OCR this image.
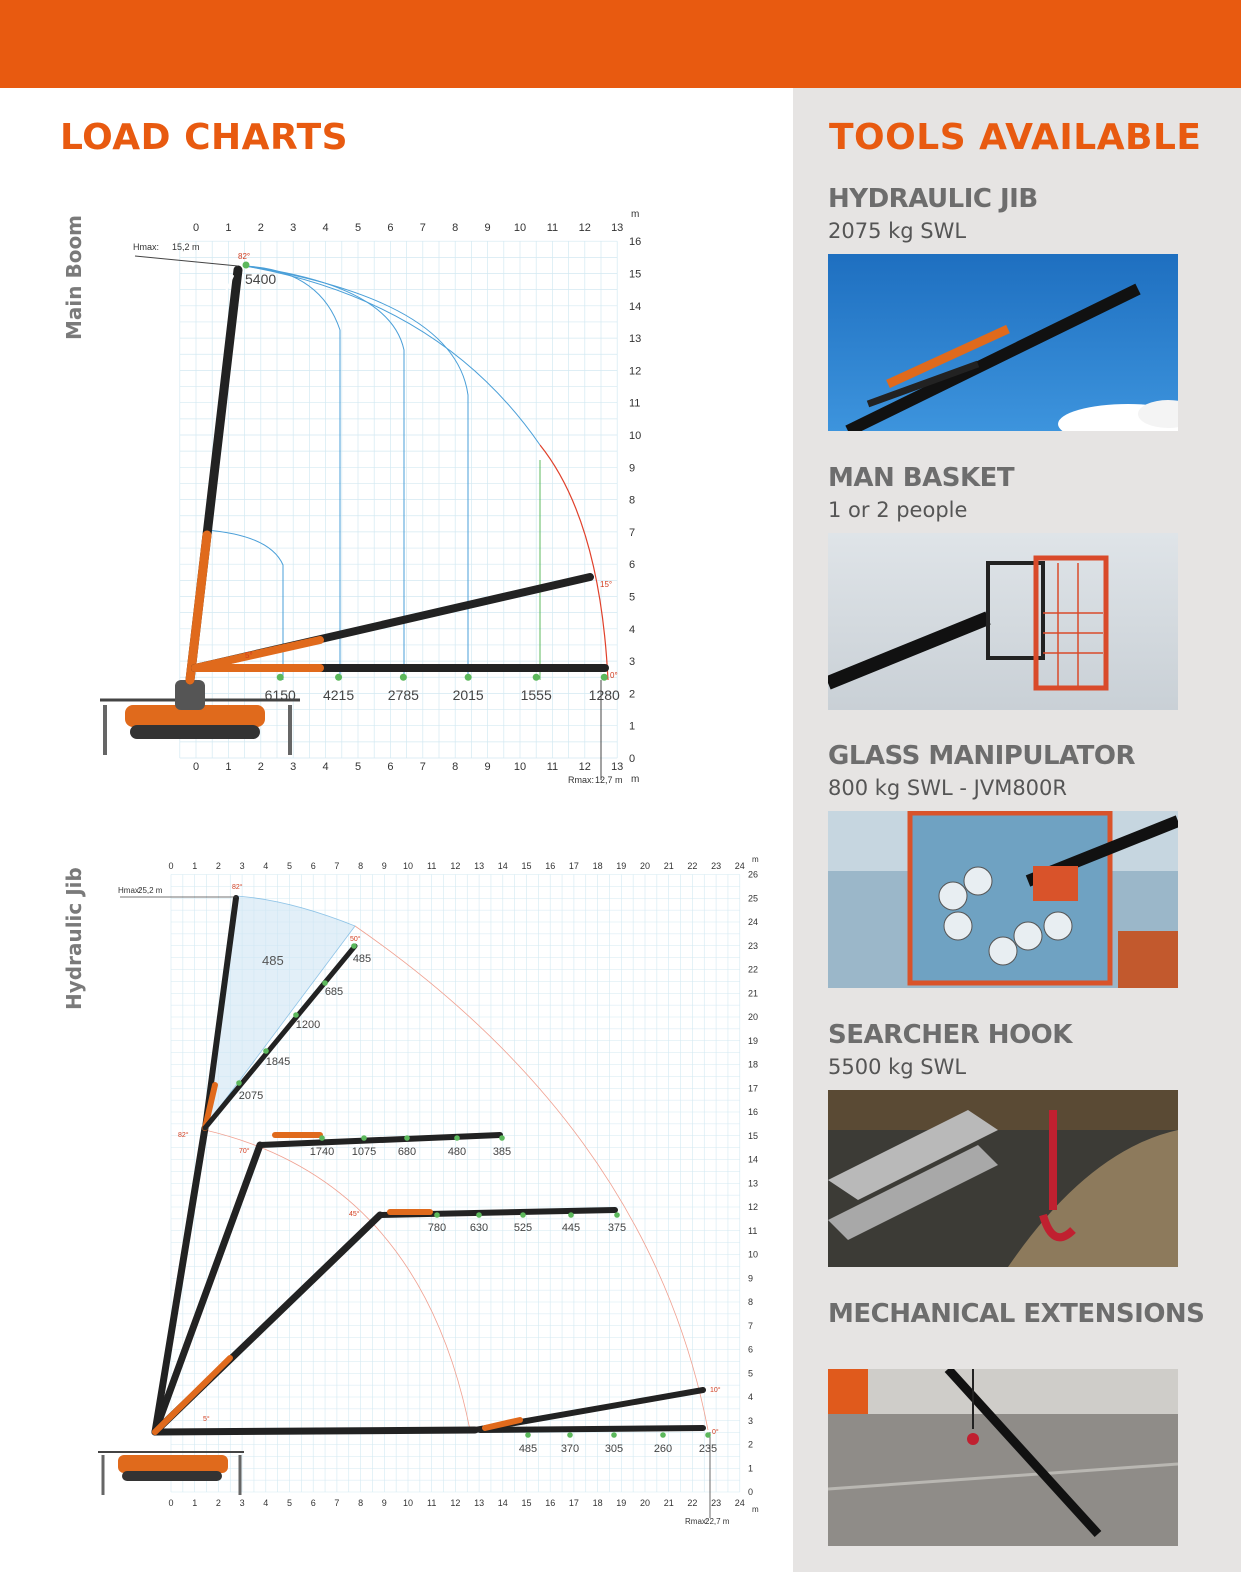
LOAD CHARTS	TOOLS AVAILABLE
Main Boom
Hydraulic Jib
0
0
1
1
2
2
3
3
4
4
5
5
6
6
7
7
8
8
9
9
10
10
11
11
12
12
13
13
0
1
2
3
4
5
6
7
8
9
10
11
12
13
14
15
16
Hmax: 15,2 m
Rmax: 12,7 m
m
m
82°
15°
5°
0°
5400
6150 4215 2785 2015	1555	1280
0
0
1
1
2
2
3
3
4
4
5
5
6
6
7
7
8
8
9
9
10
10
11
11
12
12
13
13
14
14
15
15
16
16
17
17
18
18
19
19
20
20
21
21
22
22
23
23
24
24
0
1
2
3
4
5
6
7
8
9
10
11
12
13
14
15
16
17
18
19
20
21
22
23
24
25
26
Hmax:
25,2 m
Rmax:
22,7 m
m
m
82°
50°
82°
70°
45°
5°
10°
0°
485	485
685
1200
1845
2075
1740 1075 680	480 385
780 630 525	445	375
485 370 305	260 235
HYDRAULIC JIB
2075 kg SWL
MAN BASKET
1 or 2 people
GLASS MANIPULATOR
800 kg SWL - JVM800R
SEARCHER HOOK
5500 kg SWL
MECHANICAL EXTENSIONS
